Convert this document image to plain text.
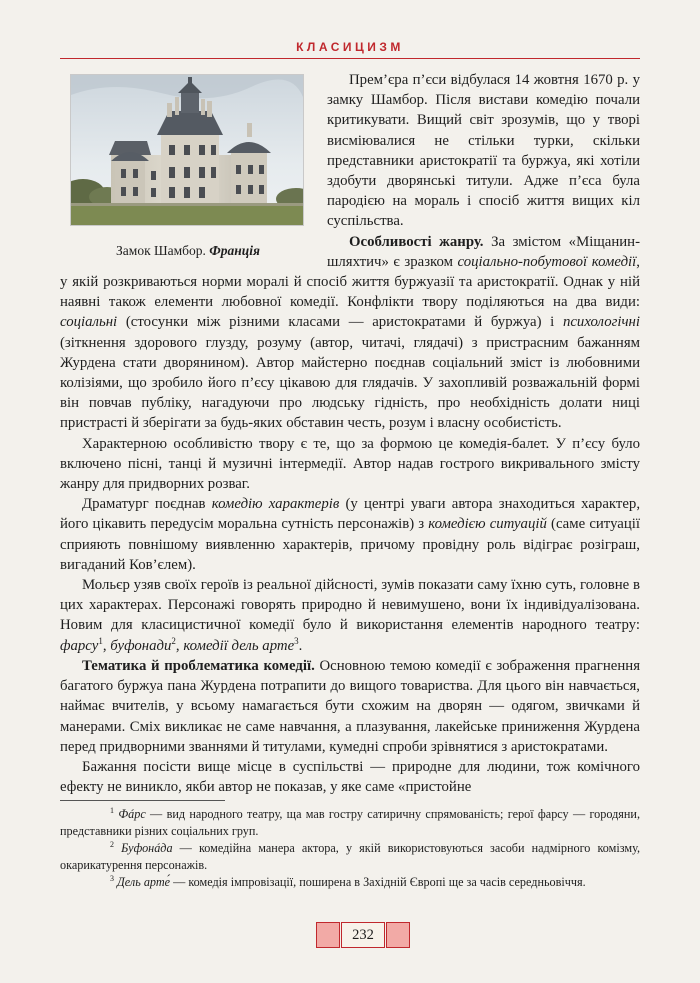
КЛАСИЦИЗМ
Замок Шамбор. Франція

Прем’єра п’єси відбулася 14 жовтня 1670 р. у замку Шамбор. Після вистави комедію почали критикувати. Вищий світ зрозумів, що у творі висміювалися не стільки турки, скільки представники аристократії та буржуа, які хотіли здобути дворянські титули. Адже п’єса була пародією на мораль і спосіб життя вищих кіл суспільства.

Особливості жанру. За змістом «Міщанин-шляхтич» є зразком соціально-побутової комедії, у якій розкриваються норми моралі й спосіб життя буржуазії та аристократії. Однак у ній наявні також елементи любовної комедії. Конфлікти твору поділяються на два види: соціальні (стосунки між різними класами — аристократами й буржуа) і психологічні (зіткнення здорового глузду, розуму (автор, читачі, глядачі) з пристрасним бажанням Журдена стати дворянином). Автор майстерно поєднав соціальний зміст із любовними колізіями, що зробило його п’єсу цікавою для глядачів. У захопливій розважальній формі він повчав публіку, нагадуючи про людську гідність, про необхідність долати ниці пристрасті й зберігати за будь-яких обставин честь, розум і власну особистість.

Характерною особливістю твору є те, що за формою це комедія-балет. У п’єсу було включено пісні, танці й музичні інтермедії. Автор надав гострого викривального змісту жанру для придворних розваг.

Драматург поєднав комедію характерів (у центрі уваги автора знаходиться характер, його цікавить передусім моральна сутність персонажів) з комедією ситуацій (саме ситуації сприяють повнішому виявленню характерів, причому провідну роль відіграє розіграш, вигаданий Ков’єлем).

Мольєр узяв своїх героїв із реальної дійсності, зумів показати саму їхню суть, головне в цих характерах. Персонажі говорять природно й невимушено, вони їх індивідуалізована. Новим для класицистичної комедії було й використання елементів народного театру: фарсу$^1$, буфонади$^2$, комедії дель арте$^3$.

Тематика й проблематика комедії. Основною темою комедії є зображення прагнення багатого буржуа пана Журдена потрапити до вищого товариства. Для цього він навчається, наймає вчителів, у всьому намагається бути схожим на дворян — одягом, звичками й манерами. Сміх викликає не саме навчання, а плазування, лакейське приниження Журдена перед придворними званнями й титулами, кумедні спроби зрівнятися з аристократами.

Бажання посісти вище місце в суспільстві — природне для людини, тож комічного ефекту не виникло, якби автор не показав, у яке саме «пристойне

$^1$ Фáрс — вид народного театру, ща мав гостру сатиричну спрямованість; герої фарсу — городяни, представники різних соціальних груп.

$^2$ Буфонáда — комедійна манера актора, у якій використовуються засоби надмірного комізму, окарикатурення персонажів.

$^3$ Дель арте́ — комедія імпровізації, поширена в Західній Європі ще за часів середньовіччя.

232
